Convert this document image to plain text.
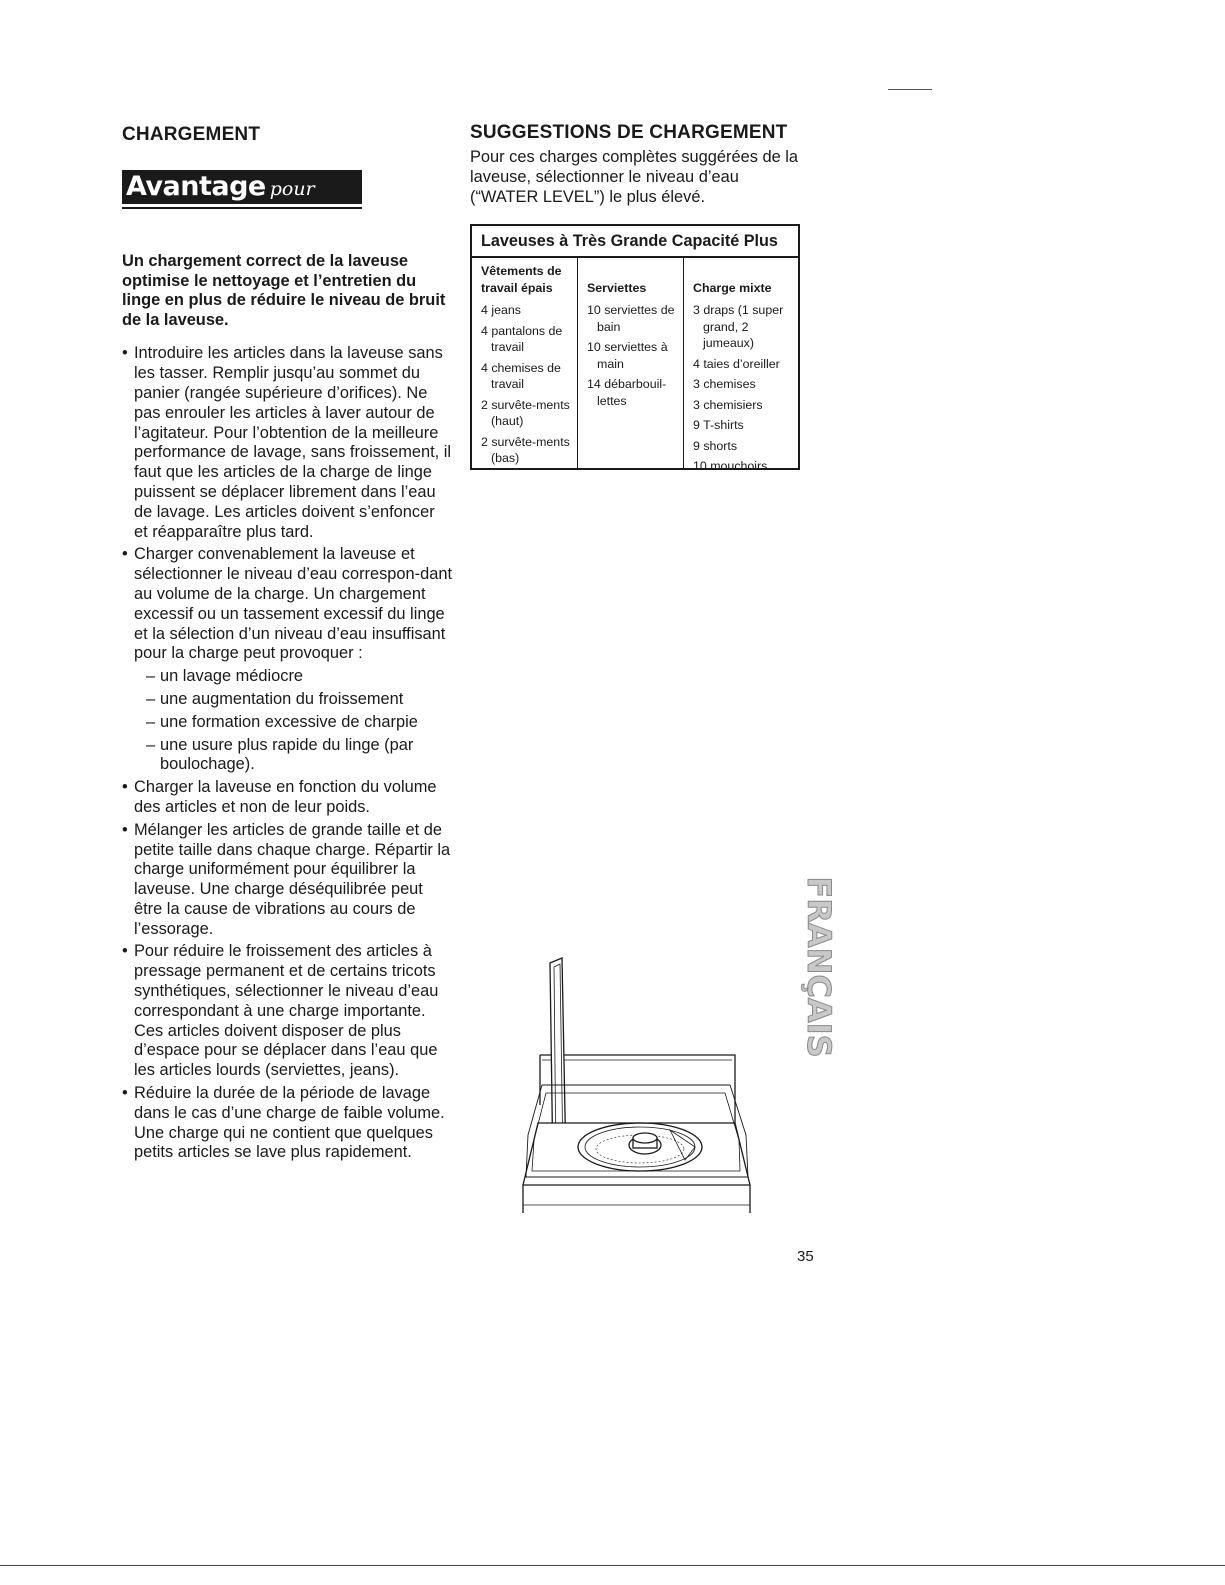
CHARGEMENT
Avantage pour vous
Un chargement correct de la laveuse optimise le nettoyage et l’entretien du linge en plus de réduire le niveau de bruit de la laveuse.
• Introduire les articles dans la laveuse sans les tasser. Remplir jusqu’au sommet du panier (rangée supérieure d’orifices). Ne pas enrouler les articles à laver autour de l’agitateur. Pour l’obtention de la meilleure performance de lavage, sans froissement, il faut que les articles de la charge de linge puissent se déplacer librement dans l’eau de lavage. Les articles doivent s’enfoncer et réapparaître plus tard.
• Charger convenablement la laveuse et sélectionner le niveau d’eau correspon-dant au volume de la charge. Un chargement excessif ou un tassement excessif du linge et la sélection d’un niveau d’eau insuffisant pour la charge peut provoquer :
– un lavage médiocre
– une augmentation du froissement
– une formation excessive de charpie
– une usure plus rapide du linge (par boulochage).
• Charger la laveuse en fonction du volume des articles et non de leur poids.
• Mélanger les articles de grande taille et de petite taille dans chaque charge. Répartir la charge uniformément pour équilibrer la laveuse. Une charge déséquilibrée peut être la cause de vibrations au cours de l’essorage.
• Pour réduire le froissement des articles à pressage permanent et de certains tricots synthétiques, sélectionner le niveau d’eau correspondant à une charge importante. Ces articles doivent disposer de plus d’espace pour se déplacer dans l’eau que les articles lourds (serviettes, jeans).
• Réduire la durée de la période de lavage dans le cas d’une charge de faible volume. Une charge qui ne contient que quelques petits articles se lave plus rapidement.
SUGGESTIONS DE CHARGEMENT
Pour ces charges complètes suggérées de la laveuse, sélectionner le niveau d’eau (“WATER LEVEL”) le plus élevé.
Laveuses à Très Grande Capacité Plus
Vêtements de travail épais
4 jeans
4 pantalons de travail
4 chemises de travail
2 survête-ments (haut)
2 survête-ments (bas)
Serviettes
10 serviettes de bain
10 serviettes à main
14 débarbouil-lettes
Charge mixte
3 draps (1 super grand, 2 jumeaux)
4 taies d’oreiller
3 chemises
3 chemisiers
9 T-shirts
9 shorts
10 mouchoirs
FRANÇAIS
35
